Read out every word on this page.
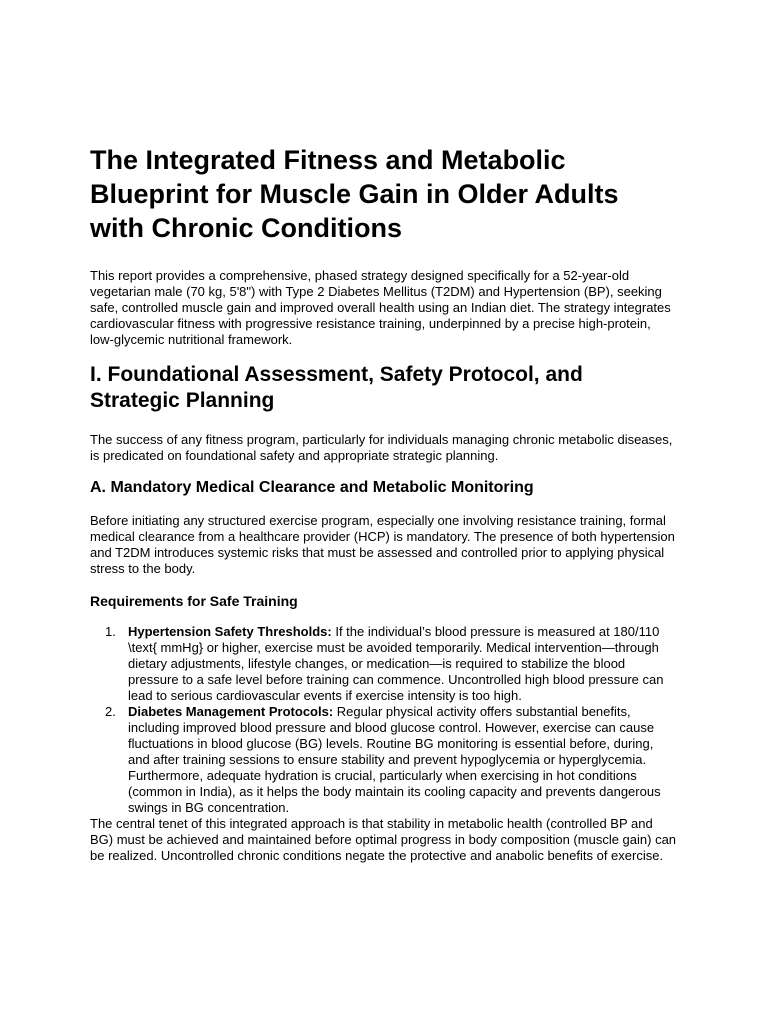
The Integrated Fitness and Metabolic Blueprint for Muscle Gain in Older Adults with Chronic Conditions

This report provides a comprehensive, phased strategy designed specifically for a 52-year-old vegetarian male (70 kg, 5'8") with Type 2 Diabetes Mellitus (T2DM) and Hypertension (BP), seeking safe, controlled muscle gain and improved overall health using an Indian diet. The strategy integrates cardiovascular fitness with progressive resistance training, underpinned by a precise high-protein, low-glycemic nutritional framework.

I. Foundational Assessment, Safety Protocol, and Strategic Planning

The success of any fitness program, particularly for individuals managing chronic metabolic diseases, is predicated on foundational safety and appropriate strategic planning.

A. Mandatory Medical Clearance and Metabolic Monitoring

Before initiating any structured exercise program, especially one involving resistance training, formal medical clearance from a healthcare provider (HCP) is mandatory. The presence of both hypertension and T2DM introduces systemic risks that must be assessed and controlled prior to applying physical stress to the body.

Requirements for Safe Training
1. Hypertension Safety Thresholds: If the individual’s blood pressure is measured at 180/110 \text{ mmHg} or higher, exercise must be avoided temporarily. Medical intervention—through dietary adjustments, lifestyle changes, or medication—is required to stabilize the blood pressure to a safe level before training can commence. Uncontrolled high blood pressure can lead to serious cardiovascular events if exercise intensity is too high.
2. Diabetes Management Protocols: Regular physical activity offers substantial benefits, including improved blood pressure and blood glucose control. However, exercise can cause fluctuations in blood glucose (BG) levels. Routine BG monitoring is essential before, during, and after training sessions to ensure stability and prevent hypoglycemia or hyperglycemia. Furthermore, adequate hydration is crucial, particularly when exercising in hot conditions (common in India), as it helps the body maintain its cooling capacity and prevents dangerous swings in BG concentration.

The central tenet of this integrated approach is that stability in metabolic health (controlled BP and BG) must be achieved and maintained before optimal progress in body composition (muscle gain) can be realized. Uncontrolled chronic conditions negate the protective and anabolic benefits of exercise.
